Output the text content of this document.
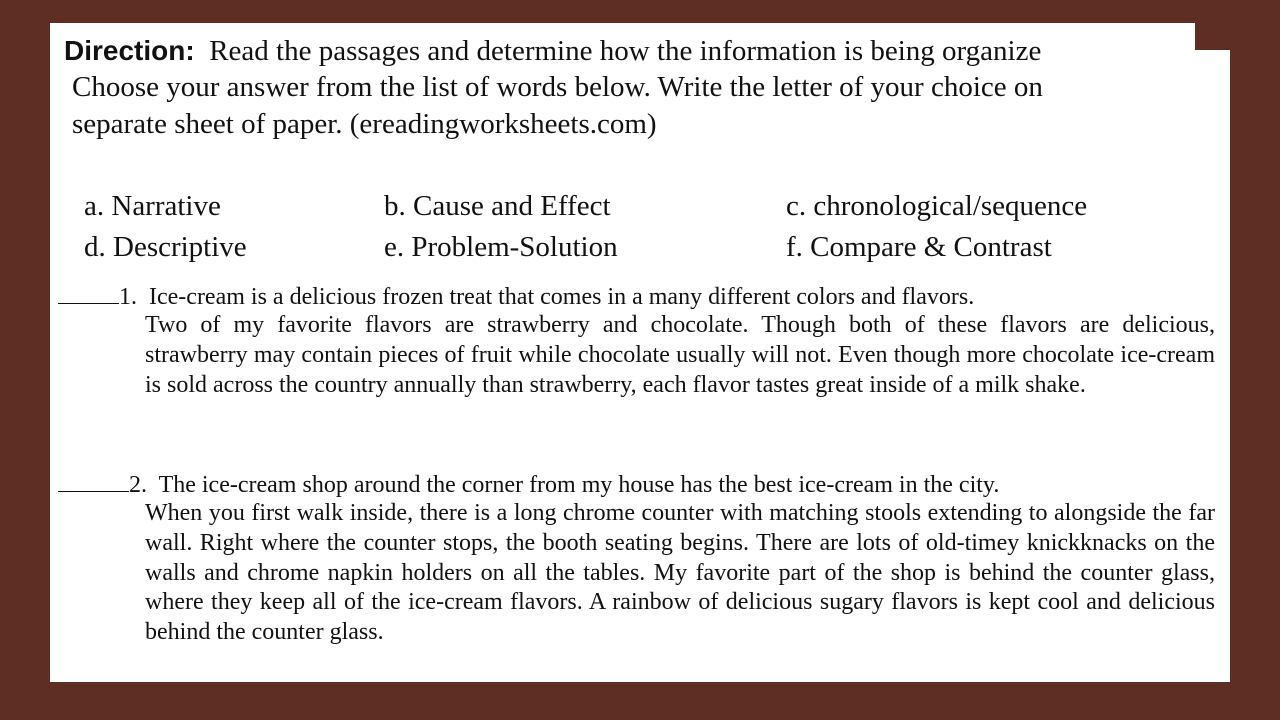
Direction: Read the passages and determine how the information is being organize
Choose your answer from the list of words below. Write the letter of your choice on
separate sheet of paper. (ereadingworksheets.com)
a. Narrative	b. Cause and Effect	c. chronological/sequence
d. Descriptive	e. Problem-Solution	f. Compare & Contrast
1. Ice-cream is a delicious frozen treat that comes in a many different colors and flavors.
Two of my favorite flavors are strawberry and chocolate. Though both of these flavors are delicious, strawberry may contain pieces of fruit while chocolate usually will not. Even though more chocolate ice-cream is sold across the country annually than strawberry, each flavor tastes great inside of a milk shake.
2. The ice-cream shop around the corner from my house has the best ice-cream in the city.
When you first walk inside, there is a long chrome counter with matching stools extending to alongside the far wall. Right where the counter stops, the booth seating begins. There are lots of old-timey knickknacks on the walls and chrome napkin holders on all the tables. My favorite part of the shop is behind the counter glass, where they keep all of the ice-cream flavors. A rainbow of delicious sugary flavors is kept cool and delicious behind the counter glass.
